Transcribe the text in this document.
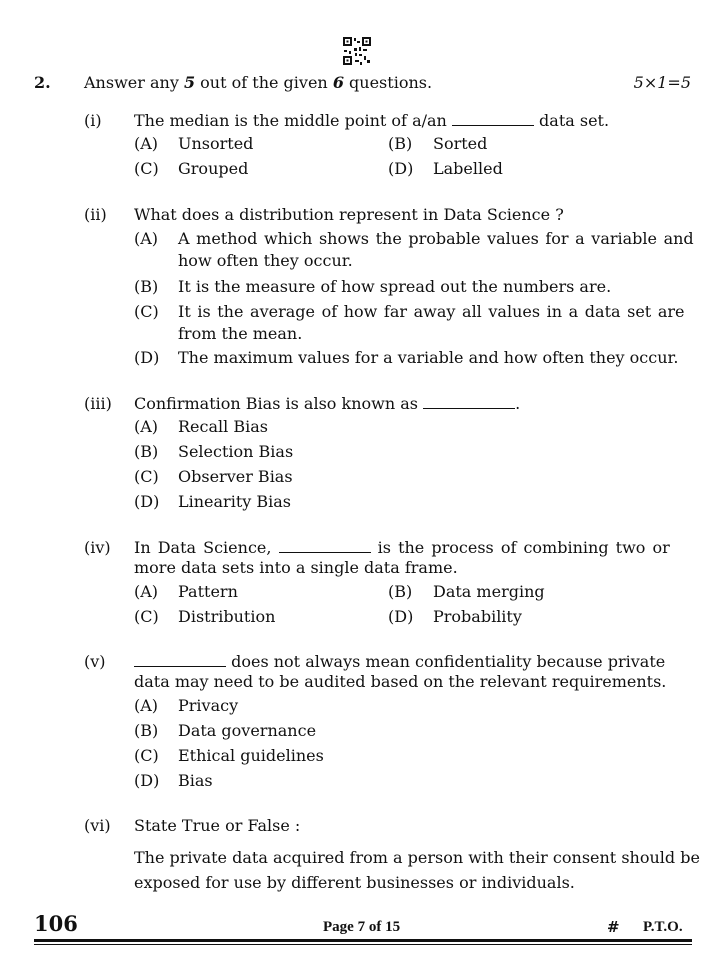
2. Answer any 5 out of the given 6 questions.	5×1=5
(i) The median is the middle point of a/an	data set.
(A) Unsorted	(B) Sorted
(C) Grouped	(D) Labelled
(ii) What does a distribution represent in Data Science ?
(A) A method which shows the probable values for a variable and
how often they occur.
(B) It is the measure of how spread out the numbers are.
(C) It is the average of how far away all values in a data set are
from the mean.
(D) The maximum values for a variable and how often they occur.
(iii) Confirmation Bias is also known as	.
(A) Recall Bias
(B) Selection Bias
(C) Observer Bias
(D) Linearity Bias
(iv) In Data Science,	is the process of combining two or
more data sets into a single data frame.
(A) Pattern	(B) Data merging
(C) Distribution	(D) Probability
(v)	does not always mean confidentiality because private
data may need to be audited based on the relevant requirements.
(A) Privacy
(B) Data governance
(C) Ethical guidelines
(D) Bias
(vi) State True or False :
The private data acquired from a person with their consent should be
exposed for use by different businesses or individuals.
106	Page 7 of 15	# P.T.O.
